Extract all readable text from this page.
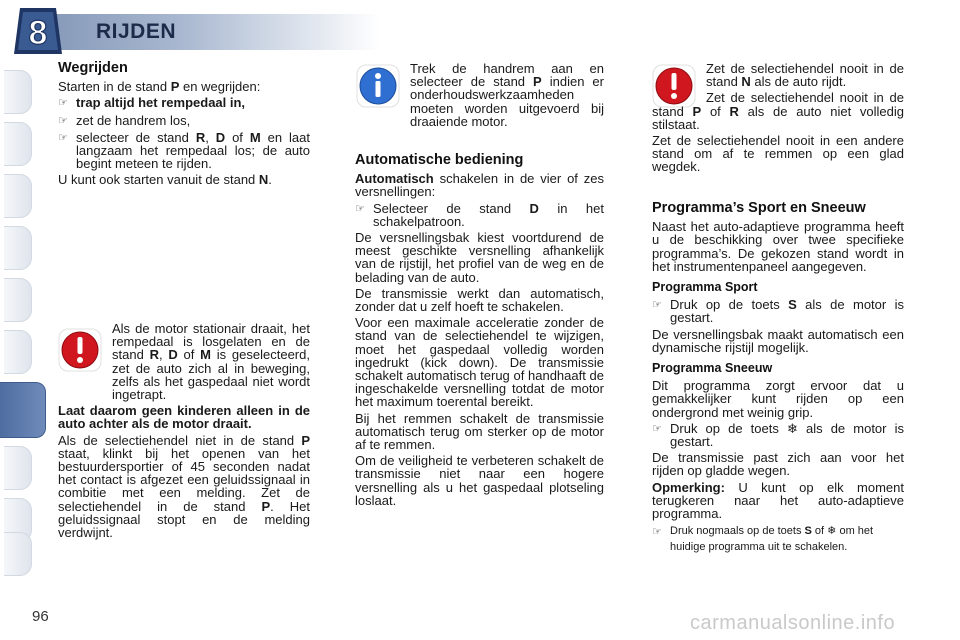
8 RIJDEN
Wegrijden

Starten in de stand P en wegrijden:

☞ trap altijd het rempedaal in,
☞ zet de handrem los,
☞ selecteer de stand R, D of M en laat langzaam het rempedaal los; de auto begint meteen te rijden.

U kunt ook starten vanuit de stand N.

Als de motor stationair draait, het rempedaal is losgelaten en de stand R, D of M is geselecteerd, zet de auto zich al in beweging, zelfs als het gaspedaal niet wordt ingetrapt.

Laat daarom geen kinderen alleen in de auto achter als de motor draait.

Als de selectiehendel niet in de stand P staat, klinkt bij het openen van het bestuurdersportier of 45 seconden nadat het contact is afgezet een geluidssignaal in combitie met een melding. Zet de selectiehendel in de stand P. Het geluidssignaal stopt en de melding verdwijnt.

Trek de handrem aan en selecteer de stand P indien er onderhoudswerkzaamheden moeten worden uitgevoerd bij draaiende motor.

Automatische bediening

Automatisch schakelen in de vier of zes versnellingen:

☞ Selecteer de stand D in het schakelpatroon.

De versnellingsbak kiest voortdurend de meest geschikte versnelling afhankelijk van de rijstijl, het profiel van de weg en de belading van de auto.

De transmissie werkt dan automatisch, zonder dat u zelf hoeft te schakelen.

Voor een maximale acceleratie zonder de stand van de selectiehendel te wijzigen, moet het gaspedaal volledig worden ingedrukt (kick down). De transmissie schakelt automatisch terug of handhaaft de ingeschakelde versnelling totdat de motor het maximum toerental bereikt.

Bij het remmen schakelt de transmissie automatisch terug om sterker op de motor af te remmen.

Om de veiligheid te verbeteren schakelt de transmissie niet naar een hogere versnelling als u het gaspedaal plotseling loslaat.

Zet de selectiehendel nooit in de stand N als de auto rijdt.

Zet de selectiehendel nooit in de stand P of R als de auto niet volledig stilstaat.

Zet de selectiehendel nooit in een andere stand om af te remmen op een glad wegdek.

Programma’s Sport en Sneeuw

Naast het auto-adaptieve programma heeft u de beschikking over twee specifieke programma’s. De gekozen stand wordt in het instrumentenpaneel aangegeven.

Programma Sport
☞ Druk op de toets S als de motor is gestart.

De versnellingsbak maakt automatisch een dynamische rijstijl mogelijk.

Programma Sneeuw

Dit programma zorgt ervoor dat u gemakkelijker kunt rijden op een ondergrond met weinig grip.

☞ Druk op de toets ❄ als de motor is gestart.

De transmissie past zich aan voor het rijden op gladde wegen.

Opmerking: U kunt op elk moment terugkeren naar het auto-adaptieve programma.

☞ Druk nogmaals op de toets S of ❄ om het huidige programma uit te schakelen.
96	carmanualsonline.info
